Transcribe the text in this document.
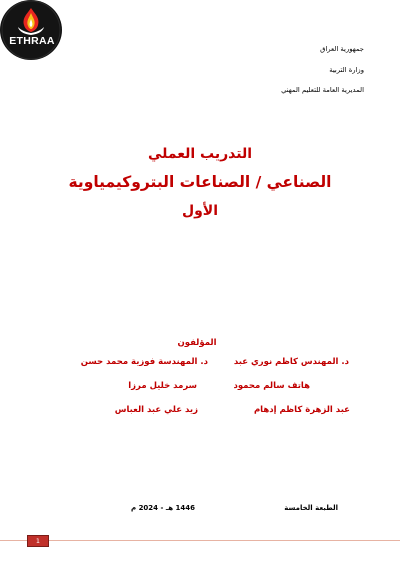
ETHRAA
جمهورية العراق
وزارة التربية
المديرية العامة للتعليم المهني
التدريب العملي
الصناعي / الصناعات البتروكيمياوية
الأول
المؤلفون
د. المهندس كاظم نوري عبد
د. المهندسة فوزية محمد حسن
هاتف سالم محمود
سرمد خليل مرزا
عبد الزهرة كاظم إدهام
زيد علي عبد العباس
الطبعة الخامسة
1446 هـ - 2024 م
1
